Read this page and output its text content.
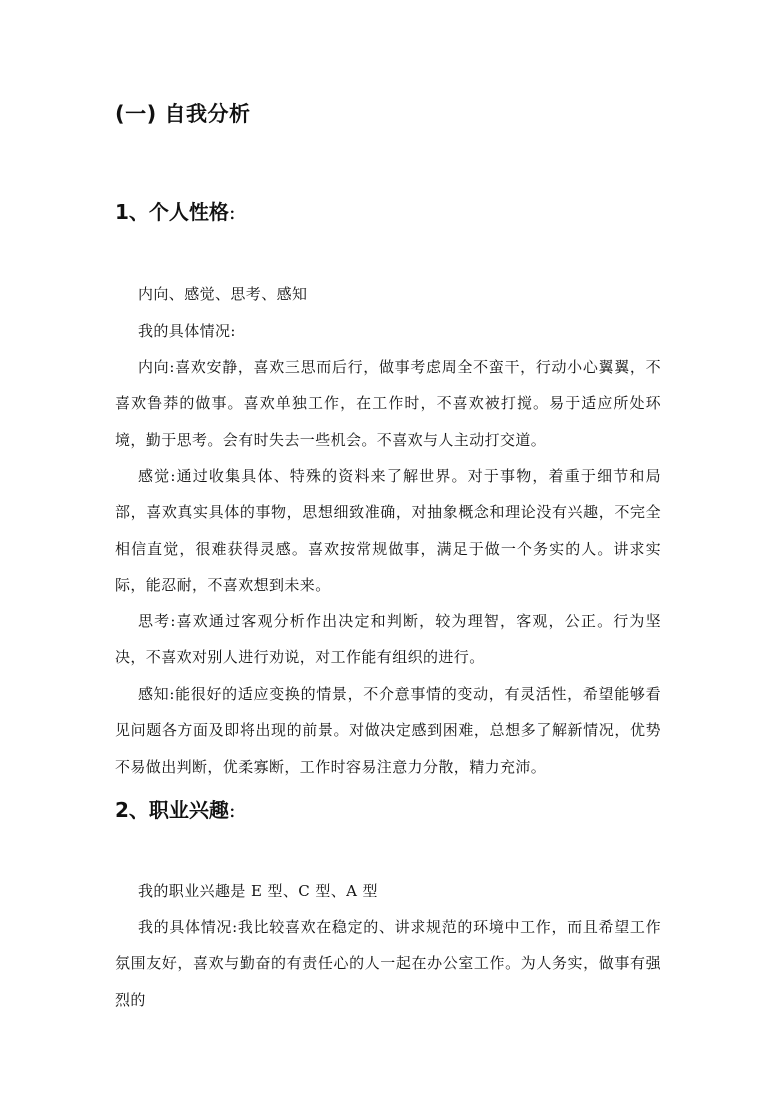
(一) 自我分析
1、个人性格:

内向、感觉、思考、感知

我的具体情况:

内向:喜欢安静，喜欢三思而后行，做事考虑周全不蛮干，行动小心翼翼，不喜欢鲁莽的做事。喜欢单独工作，在工作时，不喜欢被打搅。易于适应所处环境，勤于思考。会有时失去一些机会。不喜欢与人主动打交道。

感觉:通过收集具体、特殊的资料来了解世界。对于事物，着重于细节和局部，喜欢真实具体的事物，思想细致准确，对抽象概念和理论没有兴趣，不完全相信直觉，很难获得灵感。喜欢按常规做事，满足于做一个务实的人。讲求实际，能忍耐，不喜欢想到未来。

思考:喜欢通过客观分析作出决定和判断，较为理智，客观，公正。行为坚决，不喜欢对别人进行劝说，对工作能有组织的进行。

感知:能很好的适应变换的情景，不介意事情的变动，有灵活性，希望能够看见问题各方面及即将出现的前景。对做决定感到困难，总想多了解新情况，优势不易做出判断，优柔寡断，工作时容易注意力分散，精力充沛。

2、职业兴趣:

我的职业兴趣是 E 型、C 型、A 型

我的具体情况:我比较喜欢在稳定的、讲求规范的环境中工作，而且希望工作氛围友好，喜欢与勤奋的有责任心的人一起在办公室工作。为人务实，做事有强烈的
